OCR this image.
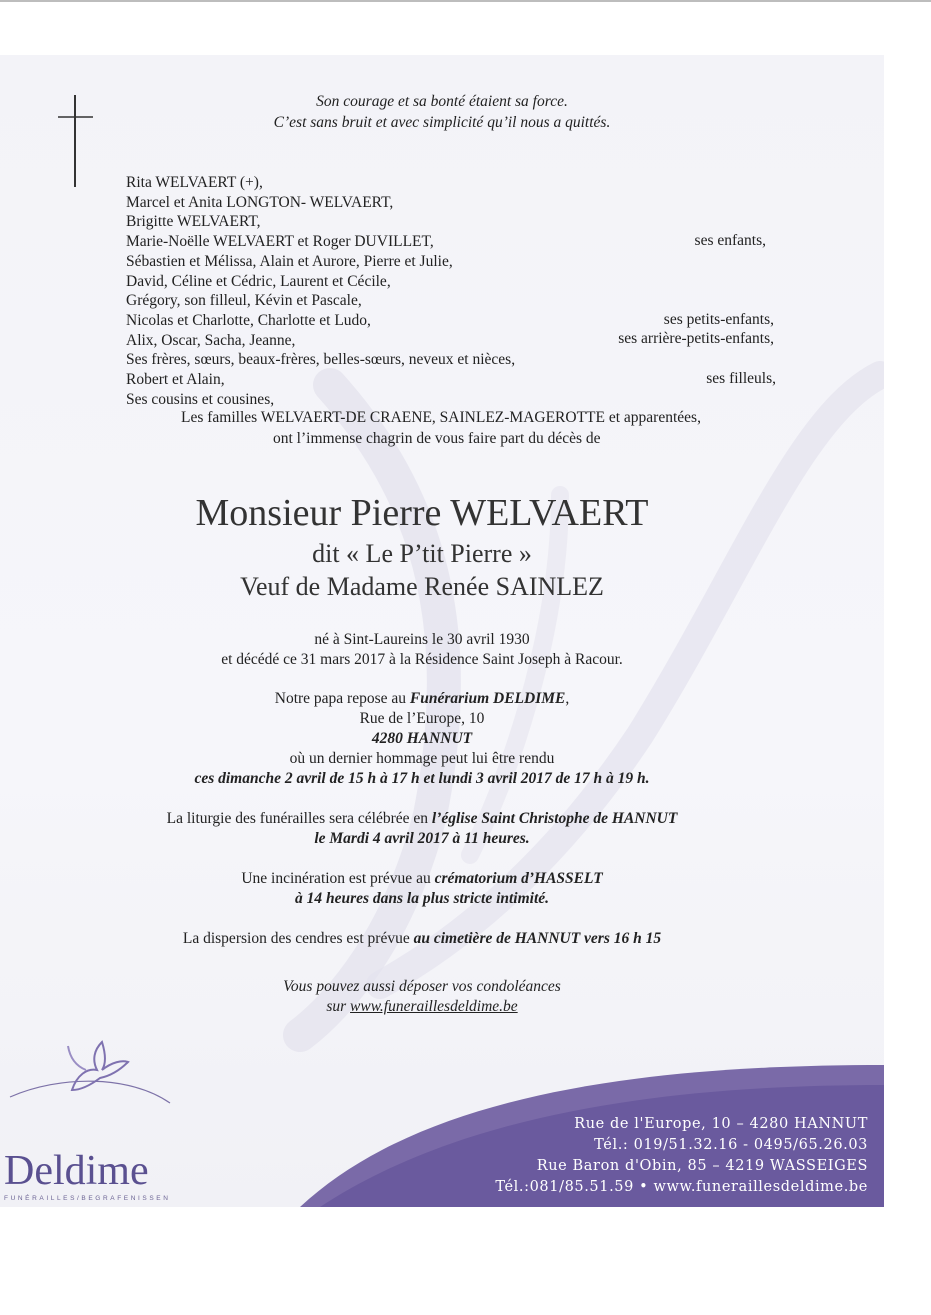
Son courage et sa bonté étaient sa force.
C’est sans bruit et avec simplicité qu’il nous a quittés.
Rita WELVAERT (+),
Marcel et Anita LONGTON- WELVAERT,
Brigitte WELVAERT,
Marie-Noëlle WELVAERT et Roger DUVILLET,
Sébastien et Mélissa, Alain et Aurore, Pierre et Julie,
David, Céline et Cédric, Laurent et Cécile,
Grégory, son filleul, Kévin et Pascale,
Nicolas et Charlotte, Charlotte et Ludo,
Alix, Oscar, Sacha, Jeanne,
Ses frères, sœurs, beaux-frères, belles-sœurs, neveux et nièces,
Robert et Alain,
Ses cousins et cousines,
ses enfants,
ses petits-enfants,
ses arrière-petits-enfants,
ses filleuls,
Les familles WELVAERT-DE CRAENE, SAINLEZ-MAGEROTTE et apparentées,
ont l’immense chagrin de vous faire part du décès de
Monsieur Pierre WELVAERT
dit « Le P’tit Pierre »
Veuf de Madame Renée SAINLEZ
né à Sint-Laureins le 30 avril 1930
et décédé ce 31 mars 2017 à la Résidence Saint Joseph à Racour.
Notre papa repose au Funérarium DELDIME,
Rue de l’Europe, 10
4280 HANNUT
où un dernier hommage peut lui être rendu
ces dimanche 2 avril de 15 h à 17 h et lundi 3 avril 2017 de 17 h à 19 h.
La liturgie des funérailles sera célébrée en l’église Saint Christophe de HANNUT
le Mardi 4 avril 2017 à 11 heures.
Une incinération est prévue au crématorium d’HASSELT
à 14 heures dans la plus stricte intimité.
La dispersion des cendres est prévue au cimetière de HANNUT vers 16 h 15
Vous pouvez aussi déposer vos condoléances
sur www.funeraillesdeldime.be
Deldime
FUNÉRAILLES/BEGRAFENISSEN
Rue de l'Europe, 10 – 4280 HANNUT
Tél.: 019/51.32.16 - 0495/65.26.03
Rue Baron d'Obin, 85 – 4219 WASSEIGES
Tél.:081/85.51.59 • www.funeraillesdeldime.be
